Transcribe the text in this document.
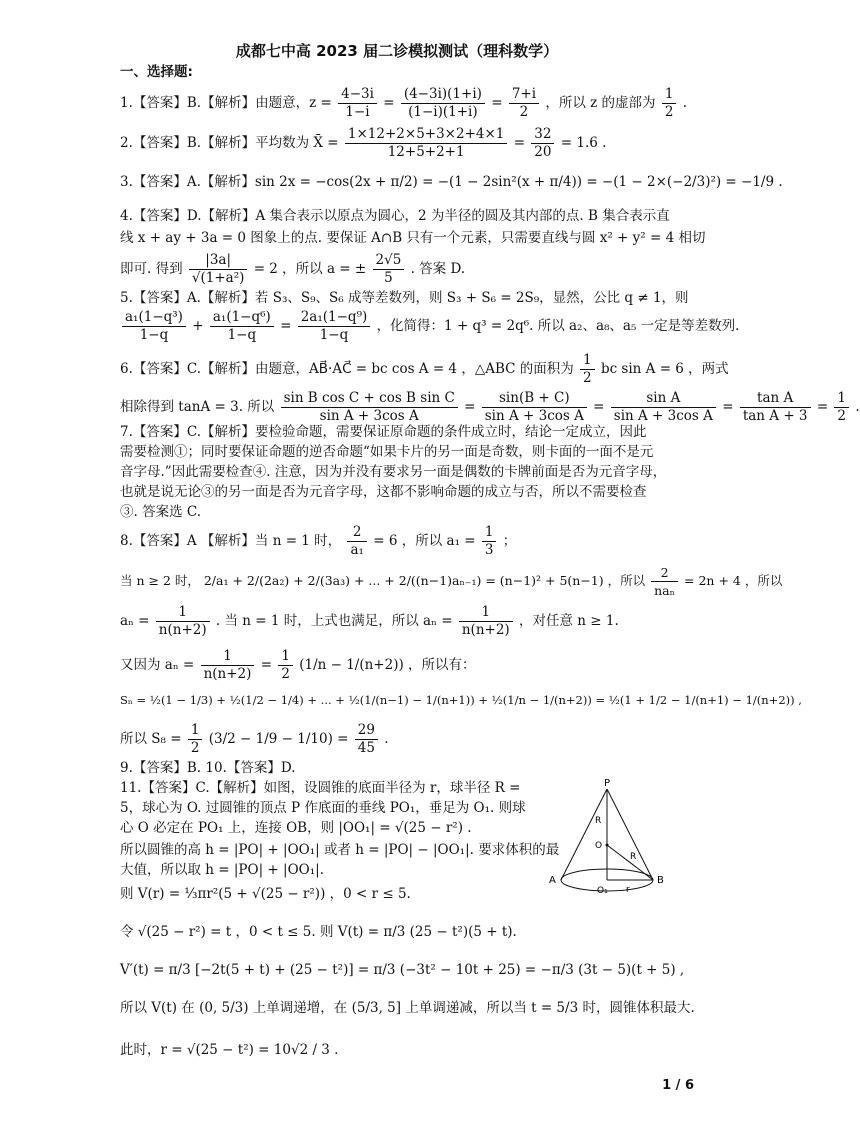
成都七中高 2023 届二诊模拟测试（理科数学）
一、选择题:
1.【答案】B.【解析】由题意，$z = \frac{4-3i}{1-i} = \frac{(4-3i)(1+i)}{(1-i)(1+i)} = \frac{7+i}{2}$ ，所以 z 的虚部为 $\frac{1}{2}$ .
2.【答案】B.【解析】平均数为 X̄ = $\frac{1\times 12+2\times 5+3\times 2+4\times 1}{12+5+2+1} = \frac{32}{20} = 1.6$ .
3.【答案】A.【解析】sin 2x = −cos(2x + π/2) = −(1 − 2sin²(x + π/4)) = −(1 − 2×(−2/3)²) = −1/9 .
4.【答案】D.【解析】A 集合表示以原点为圆心，2 为半径的圆及其内部的点. B 集合表示直
线 x + ay + 3a = 0 图象上的点. 要保证 A∩B 只有一个元素，只需要直线与圆 x² + y² = 4 相切
即可. 得到 $\frac{|3a|}{\text{√(1+a²)}} = 2$ ，所以 a = ± $\frac{2√5}{5}$ . 答案 D.
5.【答案】A.【解析】若 S₃、S₉、S₆ 成等差数列，则 S₃ + S₆ = 2S₉，显然，公比 q ≠ 1，则
$\frac{\text{a₁(1−q³)}}{1-q} + \frac{\text{a₁(1−q⁶)}}{1-q} = \frac{\text{2a₁(1−q⁹)}}{1-q}$ ，化简得：1 + q³ = 2q⁶. 所以 a₂、a₈、a₅ 一定是等差数列.
6.【答案】C.【解析】由题意，AB⃗·AC⃗ = bc cos A = 4 ，△ABC 的面积为 $\frac{1}{2}$ bc sin A = 6 ，两式
相除得到 tanA = 3. 所以 $\frac{\text{sin B cos C + cos B sin C}}{\text{sin A + 3cos A}} = \frac{\sin(B + C)}{\text{sin A + 3cos A}} = \frac{\text{sin A}}{\text{sin A + 3cos A}} = \frac{\text{tan A}}{\text{tan A + 3}} = \frac{1}{2}$ .
7.【答案】C.【解析】要检验命题，需要保证原命题的条件成立时，结论一定成立，因此
需要检测①；同时要保证命题的逆否命题“如果卡片的另一面是奇数，则卡面的一面不是元
音字母.”因此需要检查④. 注意，因为并没有要求另一面是偶数的卡牌前面是否为元音字母，
也就是说无论③的另一面是否为元音字母，这都不影响命题的成立与否，所以不需要检查
③. 答案选 C.
8.【答案】A 【解析】当 n = 1 时， $\frac{2}{\text{a₁}} = 6$ ，所以 $a_1 = \frac{1}{3}$ ；
当 n ≥ 2 时， 2/a₁ + 2/(2a₂) + 2/(3a₃) + ... + 2/((n−1)aₙ₋₁) = (n−1)² + 5(n−1) ，所以
2
naₙ
= 2n + 4 ，所以
$a_n = \frac{1}{n(n+2)}$ . 当 n = 1 时，上式也满足，所以 $a_n = \frac{1}{n(n+2)}$ ，对任意 n ≥ 1.
又因为 $a_n = \frac{1}{n(n+2)} = \frac{1}{2} (1/n - 1/(n+2))$ ，所以有：
Sₙ = ½(1 − 1/3) + ½(1/2 − 1/4) + ... + ½(1/(n−1) − 1/(n+1)) + ½(1/n − 1/(n+2)) = ½(1 + 1/2 − 1/(n+1) − 1/(n+2)) ,
所以 $S_8 = \frac{1}{2} (3/2 - 1/9 - 1/10) = \frac{29}{45}$ .
9.【答案】B. 10.【答案】D.
11.【答案】C.【解析】如图，设圆锥的底面半径为 r，球半径 R =
5，球心为 O. 过圆锥的顶点 P 作底面的垂线 PO₁，垂足为 O₁. 则球
心 O 必定在 PO₁ 上，连接 OB，则 |OO₁| = √(25 − r²) .
所以圆锥的高 h = |PO| + |OO₁| 或者 h = |PO| − |OO₁|. 要求体积的最
大值，所以取 h = |PO| + |OO₁|.
则 V(r) = ⅓πr²(5 + √(25 − r²)) ，0 < r ≤ 5.
令 √(25 − r²) = t ，0 < t ≤ 5. 则 V(t) = π/3 (25 − t²)(5 + t).
V′(t) = π/3 [−2t(5 + t) + (25 − t²)] = π/3 (−3t² − 10t + 25) = −π/3 (3t − 5)(t + 5) ,
所以 V(t) 在 (0, 5/3) 上单调递增，在 (5/3, 5] 上单调递减，所以当 t = 5/3 时，圆锥体积最大.
此时，r = √(25 − t²) = 10√2 / 3 .
P
R
O
R
A	B
O₁ r
1 / 6
